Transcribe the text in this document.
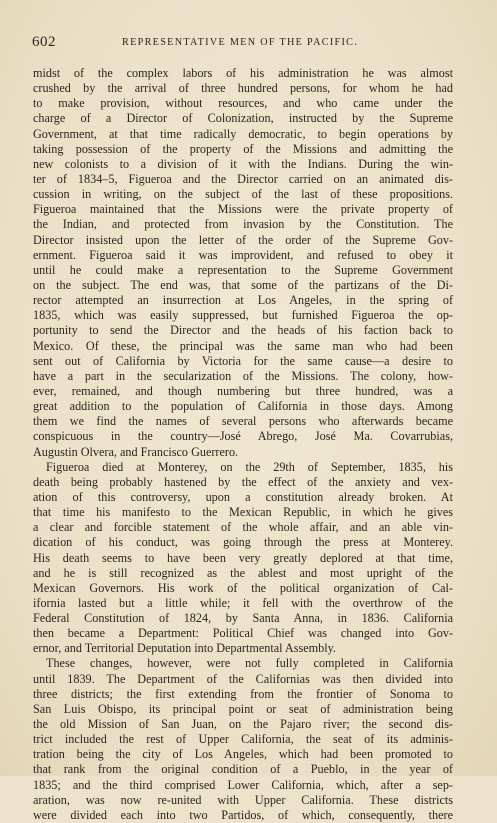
602	REPRESENTATIVE MEN OF THE PACIFIC.
midst of the complex labors of his administration he was almost
crushed by the arrival of three hundred persons, for whom he had
to make provision, without resources, and who came under the
charge of a Director of Colonization, instructed by the Supreme
Government, at that time radically democratic, to begin operations by
taking possession of the property of the Missions and admitting the
new colonists to a division of it with the Indians. During the win-
ter of 1834–5, Figueroa and the Director carried on an animated dis-
cussion in writing, on the subject of the last of these propositions.
Figueroa maintained that the Missions were the private property of
the Indian, and protected from invasion by the Constitution. The
Director insisted upon the letter of the order of the Supreme Gov-
ernment. Figueroa said it was improvident, and refused to obey it
until he could make a representation to the Supreme Government
on the subject. The end was, that some of the partizans of the Di-
rector attempted an insurrection at Los Angeles, in the spring of
1835, which was easily suppressed, but furnished Figueroa the op-
portunity to send the Director and the heads of his faction back to
Mexico. Of these, the principal was the same man who had been
sent out of California by Victoria for the same cause—a desire to
have a part in the secularization of the Missions. The colony, how-
ever, remained, and though numbering but three hundred, was a
great addition to the population of California in those days. Among
them we find the names of several persons who afterwards became
conspicuous in the country—José Abrego, José Ma. Covarrubias,
Augustin Olvera, and Francisco Guerrero.
Figueroa died at Monterey, on the 29th of September, 1835, his
death being probably hastened by the effect of the anxiety and vex-
ation of this controversy, upon a constitution already broken. At
that time his manifesto to the Mexican Republic, in which he gives
a clear and forcible statement of the whole affair, and an able vin-
dication of his conduct, was going through the press at Monterey.
His death seems to have been very greatly deplored at that time,
and he is still recognized as the ablest and most upright of the
Mexican Governors. His work of the political organization of Cal-
ifornia lasted but a little while; it fell with the overthrow of the
Federal Constitution of 1824, by Santa Anna, in 1836. California
then became a Department: Political Chief was changed into Gov-
ernor, and Territorial Deputation into Departmental Assembly.
These changes, however, were not fully completed in California
until 1839. The Department of the Californias was then divided into
three districts; the first extending from the frontier of Sonoma to
San Luis Obispo, its principal point or seat of administration being
the old Mission of San Juan, on the Pajaro river; the second dis-
trict included the rest of Upper California, the seat of its adminis-
tration being the city of Los Angeles, which had been promoted to
that rank from the original condition of a Pueblo, in the year of
1835; and the third comprised Lower California, which, after a sep-
aration, was now re-united with Upper California. These districts
were divided each into two Partidos, of which, consequently, there
